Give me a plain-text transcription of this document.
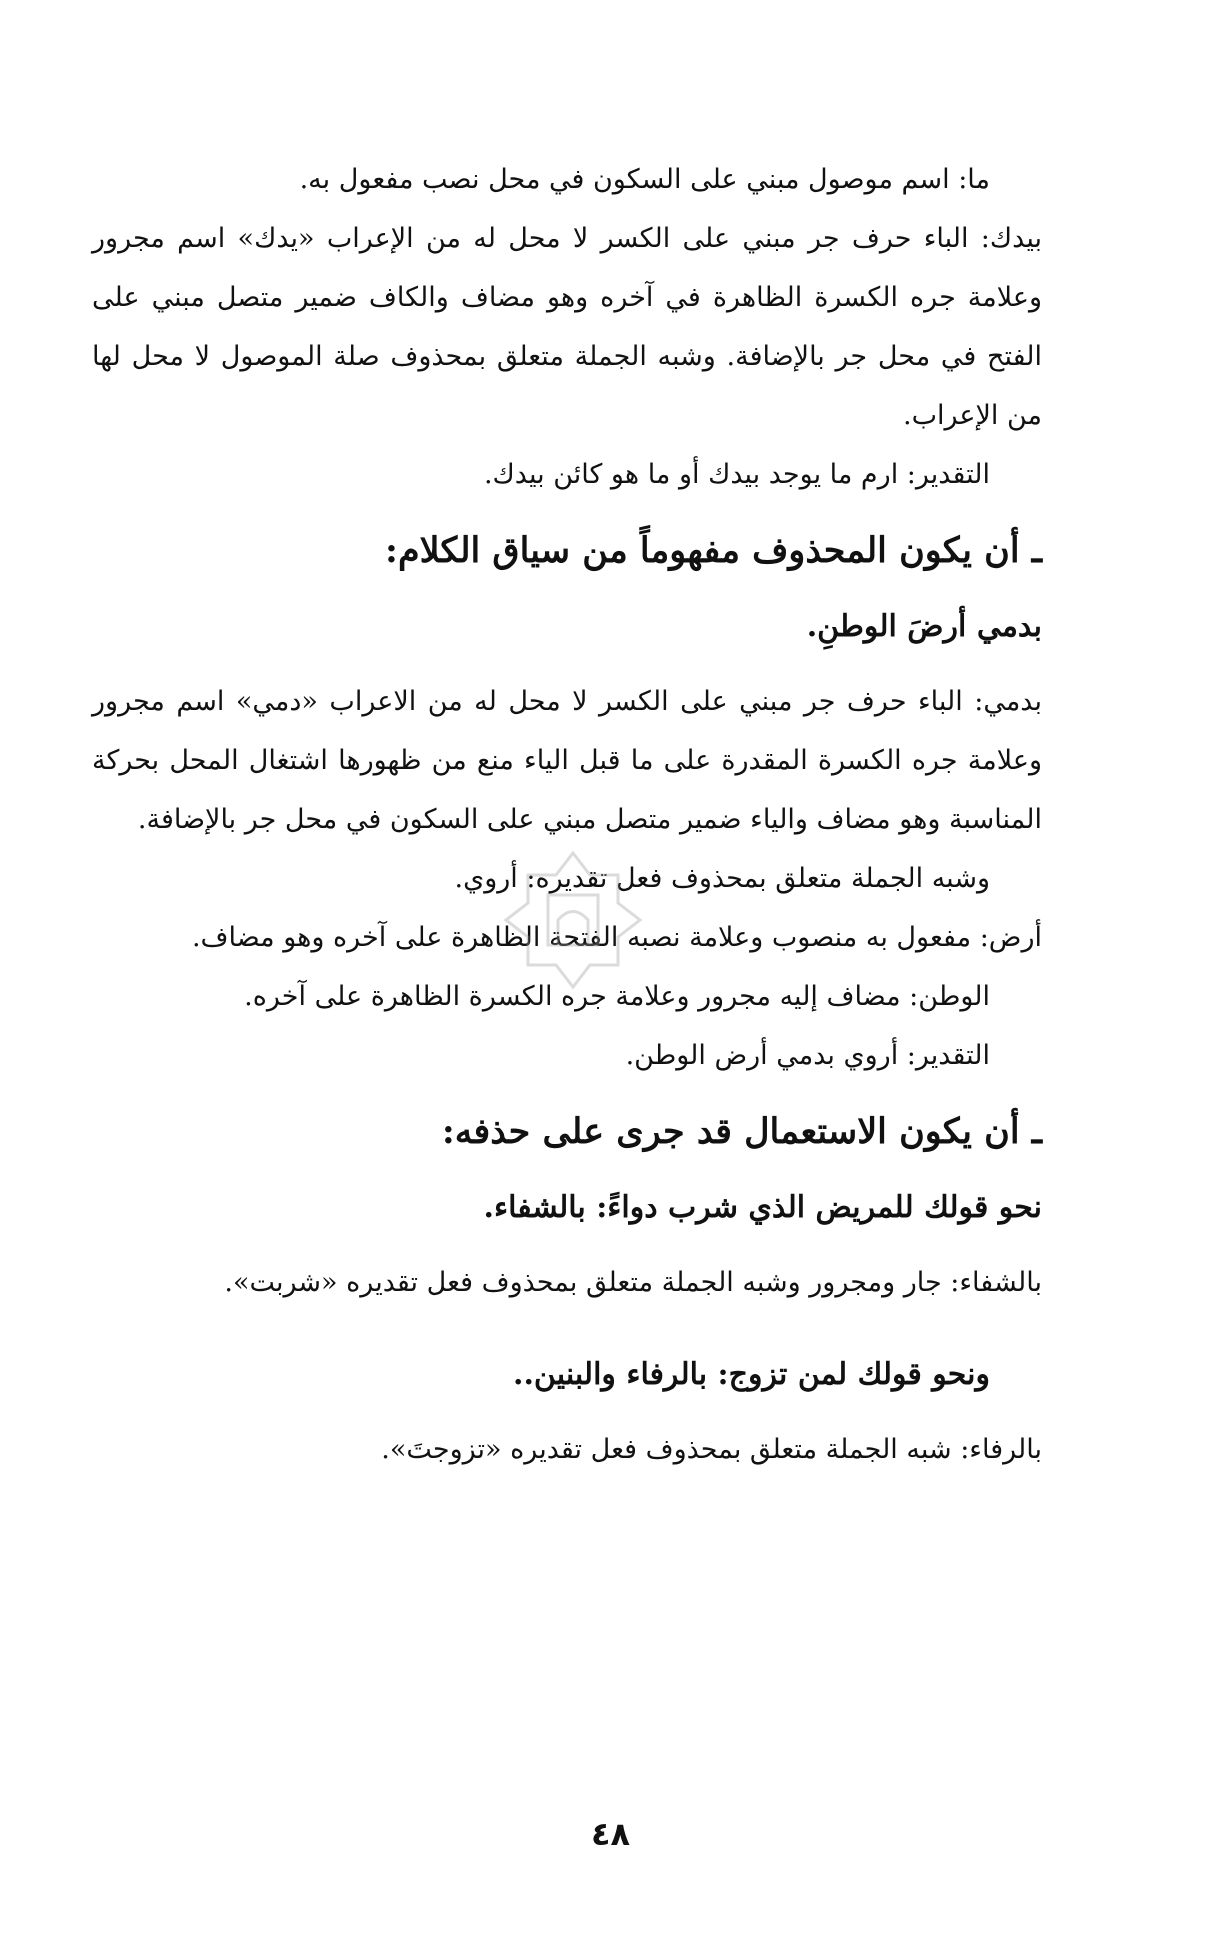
ما: اسم موصول مبني على السكون في محل نصب مفعول به.

بيدك: الباء حرف جر مبني على الكسر لا محل له من الإعراب «يدك» اسم مجرور وعلامة جره الكسرة الظاهرة في آخره وهو مضاف والكاف ضمير متصل مبني على الفتح في محل جر بالإضافة. وشبه الجملة متعلق بمحذوف صلة الموصول لا محل لها من الإعراب.

التقدير: ارم ما يوجد بيدك أو ما هو كائن بيدك.

ـ أن يكون المحذوف مفهوماً من سياق الكلام:
بدمي أرضَ الوطنِ.

بدمي: الباء حرف جر مبني على الكسر لا محل له من الاعراب «دمي» اسم مجرور وعلامة جره الكسرة المقدرة على ما قبل الياء منع من ظهورها اشتغال المحل بحركة المناسبة وهو مضاف والياء ضمير متصل مبني على السكون في محل جر بالإضافة.

وشبه الجملة متعلق بمحذوف فعل تقديره: أروي.

أرض: مفعول به منصوب وعلامة نصبه الفتحة الظاهرة على آخره وهو مضاف.

الوطن: مضاف إليه مجرور وعلامة جره الكسرة الظاهرة على آخره.

التقدير: أروي بدمي أرض الوطن.

ـ أن يكون الاستعمال قد جرى على حذفه:
نحو قولك للمريض الذي شرب دواءً: بالشفاء.

بالشفاء: جار ومجرور وشبه الجملة متعلق بمحذوف فعل تقديره «شربت».

ونحو قولك لمن تزوج: بالرفاء والبنين..

بالرفاء: شبه الجملة متعلق بمحذوف فعل تقديره «تزوجتَ».

٤٨
